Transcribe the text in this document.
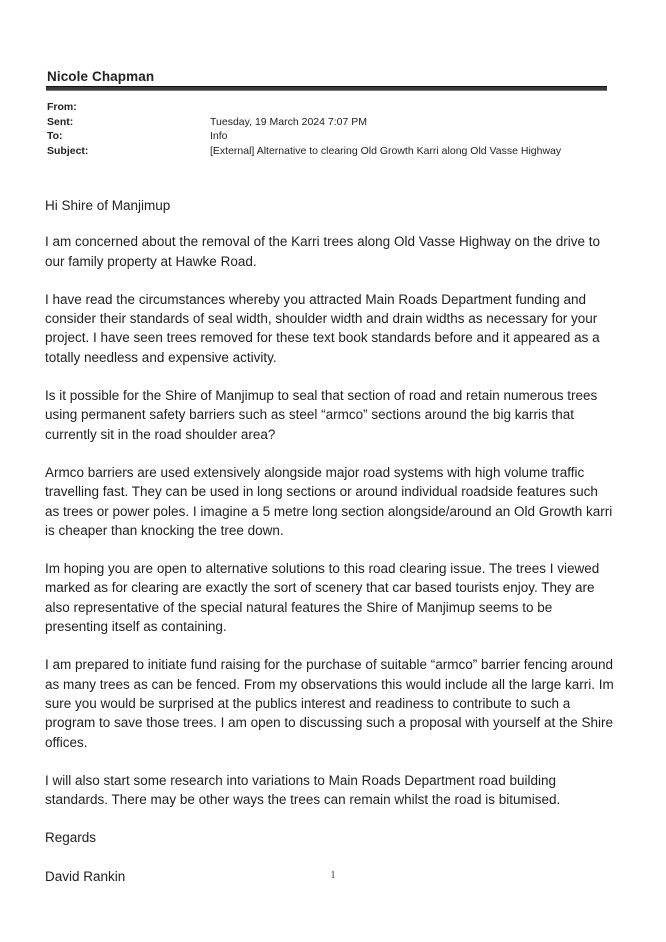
Nicole Chapman
From:
Sent:	Tuesday, 19 March 2024 7:07 PM
To:	Info
Subject:	[External] Alternative to clearing Old Growth Karri along Old Vasse Highway

Hi Shire of Manjimup

I am concerned about the removal of the Karri trees along Old Vasse Highway on the drive to our family property at Hawke Road.

I have read the circumstances whereby you attracted Main Roads Department funding and consider their standards of seal width, shoulder width and drain widths as necessary for your project. I have seen trees removed for these text book standards before and it appeared as a totally needless and expensive activity.

Is it possible for the Shire of Manjimup to seal that section of road and retain numerous trees using permanent safety barriers such as steel “armco” sections around the big karris that currently sit in the road shoulder area?

Armco barriers are used extensively alongside major road systems with high volume traffic travelling fast. They can be used in long sections or around individual roadside features such as trees or power poles. I imagine a 5 metre long section alongside/around an Old Growth karri is cheaper than knocking the tree down.

Im hoping you are open to alternative solutions to this road clearing issue. The trees I viewed marked as for clearing are exactly the sort of scenery that car based tourists enjoy. They are also representative of the special natural features the Shire of Manjimup seems to be presenting itself as containing.

I am prepared to initiate fund raising for the purchase of suitable “armco” barrier fencing around as many trees as can be fenced. From my observations this would include all the large karri. Im sure you would be surprised at the publics interest and readiness to contribute to such a program to save those trees. I am open to discussing such a proposal with yourself at the Shire offices.

I will also start some research into variations to Main Roads Department road building standards. There may be other ways the trees can remain whilst the road is bitumised.

Regards

David Rankin	1
